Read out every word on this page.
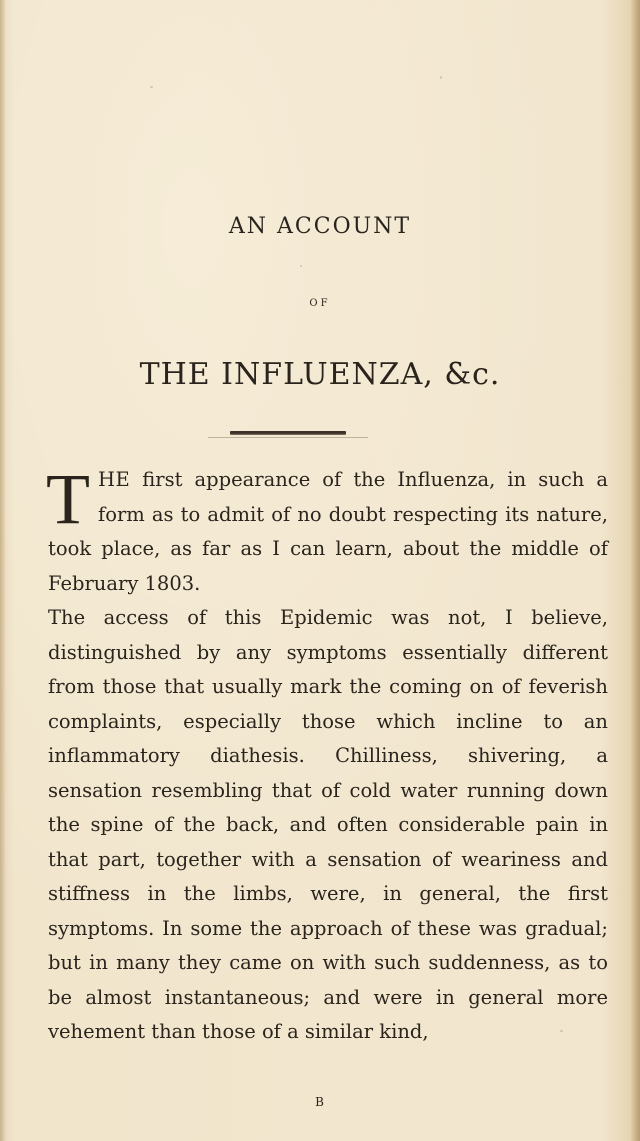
AN ACCOUNT
OF
THE INFLUENZA, &c.
THE first appearance of the Influenza, in such a form as to admit of no doubt respecting its nature, took place, as far as I can learn, about the middle of February 1803.
The access of this Epidemic was not, I believe, distinguished by any symptoms essentially different from those that usually mark the coming on of feverish complaints, especially those which incline to an inflammatory diathesis. Chilliness, shivering, a sensation resembling that of cold water running down the spine of the back, and often considerable pain in that part, together with a sensation of weariness and stiffness in the limbs, were, in general, the first symptoms. In some the approach of these was gradual; but in many they came on with such suddenness, as to be almost instantaneous; and were in general more vehement than those of a similar kind,
B
